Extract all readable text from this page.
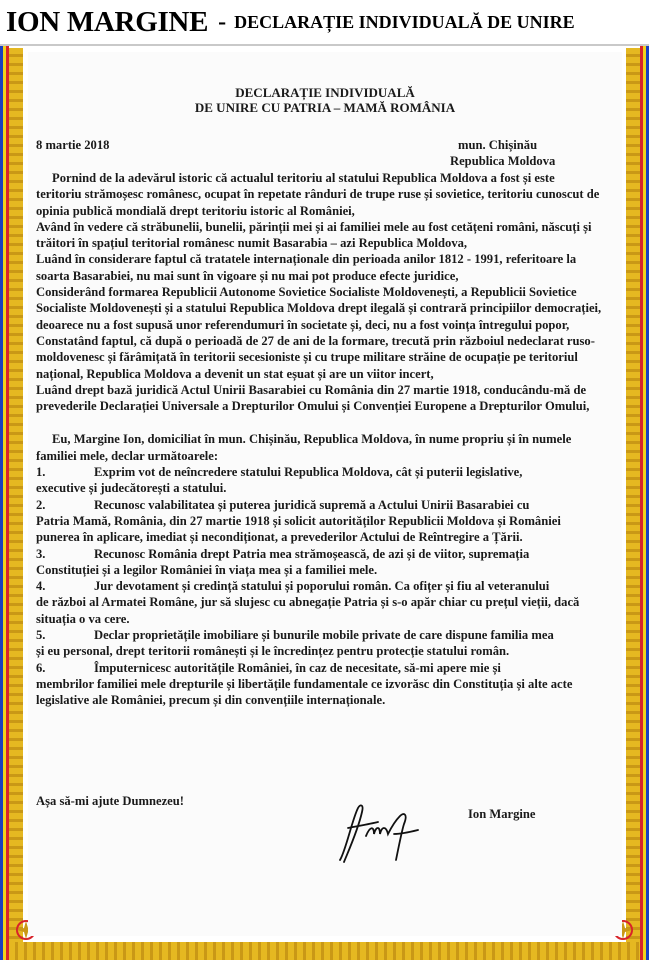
ION MARGINE - DECLARAȚIE INDIVIDUALĂ DE UNIRE
DECLARAȚIE INDIVIDUALĂ
DE UNIRE CU PATRIA – MAMĂ ROMÂNIA
8 martie 2018	mun. Chișinău
Republica Moldova

Pornind de la adevărul istoric că actualul teritoriu al statului Republica Moldova a fost și este teritoriu strămoșesc românesc, ocupat în repetate rânduri de trupe ruse și sovietice, teritoriu cunoscut de opinia publică mondială drept teritoriu istoric al României,

Având în vedere că străbunelii, bunelii, părinții mei și ai familiei mele au fost cetățeni români, născuți și trăitori în spațiul teritorial românesc numit Basarabia – azi Republica Moldova,

Luând în considerare faptul că tratatele internaționale din perioada anilor 1812 - 1991, referitoare la soarta Basarabiei, nu mai sunt în vigoare și nu mai pot produce efecte juridice,

Considerând formarea Republicii Autonome Sovietice Socialiste Moldovenești, a Republicii Sovietice Socialiste Moldovenești și a statului Republica Moldova drept ilegală și contrară principiilor democrației, deoarece nu a fost supusă unor referendumuri în societate și, deci, nu a fost voința întregului popor,

Constatând faptul, că după o perioadă de 27 de ani de la formare, trecută prin războiul nedeclarat ruso-moldovenesc și fărâmițată în teritorii secesioniste și cu trupe militare străine de ocupație pe teritoriul național, Republica Moldova a devenit un stat eșuat și are un viitor incert,

Luând drept bază juridică Actul Unirii Basarabiei cu România din 27 martie 1918, conducându-mă de prevederile Declarației Universale a Drepturilor Omului și Convenției Europene a Drepturilor Omului,

Eu, Margine Ion, domiciliat în mun. Chișinău, Republica Moldova, în nume propriu și în numele familiei mele, declar următoarele:

1.	Exprim vot de neîncredere statului Republica Moldova, cât și puterii legislative,

executive și judecătorești a statului.

2.	Recunosc valabilitatea și puterea juridică supremă a Actului Unirii Basarabiei cu

Patria Mamă, România, din 27 martie 1918 și solicit autorităților Republicii Moldova și României punerea în aplicare, imediat și necondiționat, a prevederilor Actului de Reîntregire a Țării.

3.	Recunosc România drept Patria mea strămoșească, de azi și de viitor, supremația

Constituției și a legilor României în viața mea și a familiei mele.

4.	Jur devotament și credință statului și poporului român. Ca ofițer și fiu al veteranului

de război al Armatei Române, jur să slujesc cu abnegație Patria și s-o apăr chiar cu prețul vieții, dacă situația o va cere.

5.	Declar proprietățile imobiliare și bunurile mobile private de care dispune familia mea

și eu personal, drept teritorii românești și le încredințez pentru protecție statului român.

6.	Împuternicesc autoritățile României, în caz de necesitate, să-mi apere mie și

membrilor familiei mele drepturile și libertățile fundamentale ce izvorăsc din Constituția și alte acte legislative ale României, precum și din convențiile internaționale.

Așa să-mi ajute Dumnezeu!
Ion Margine
